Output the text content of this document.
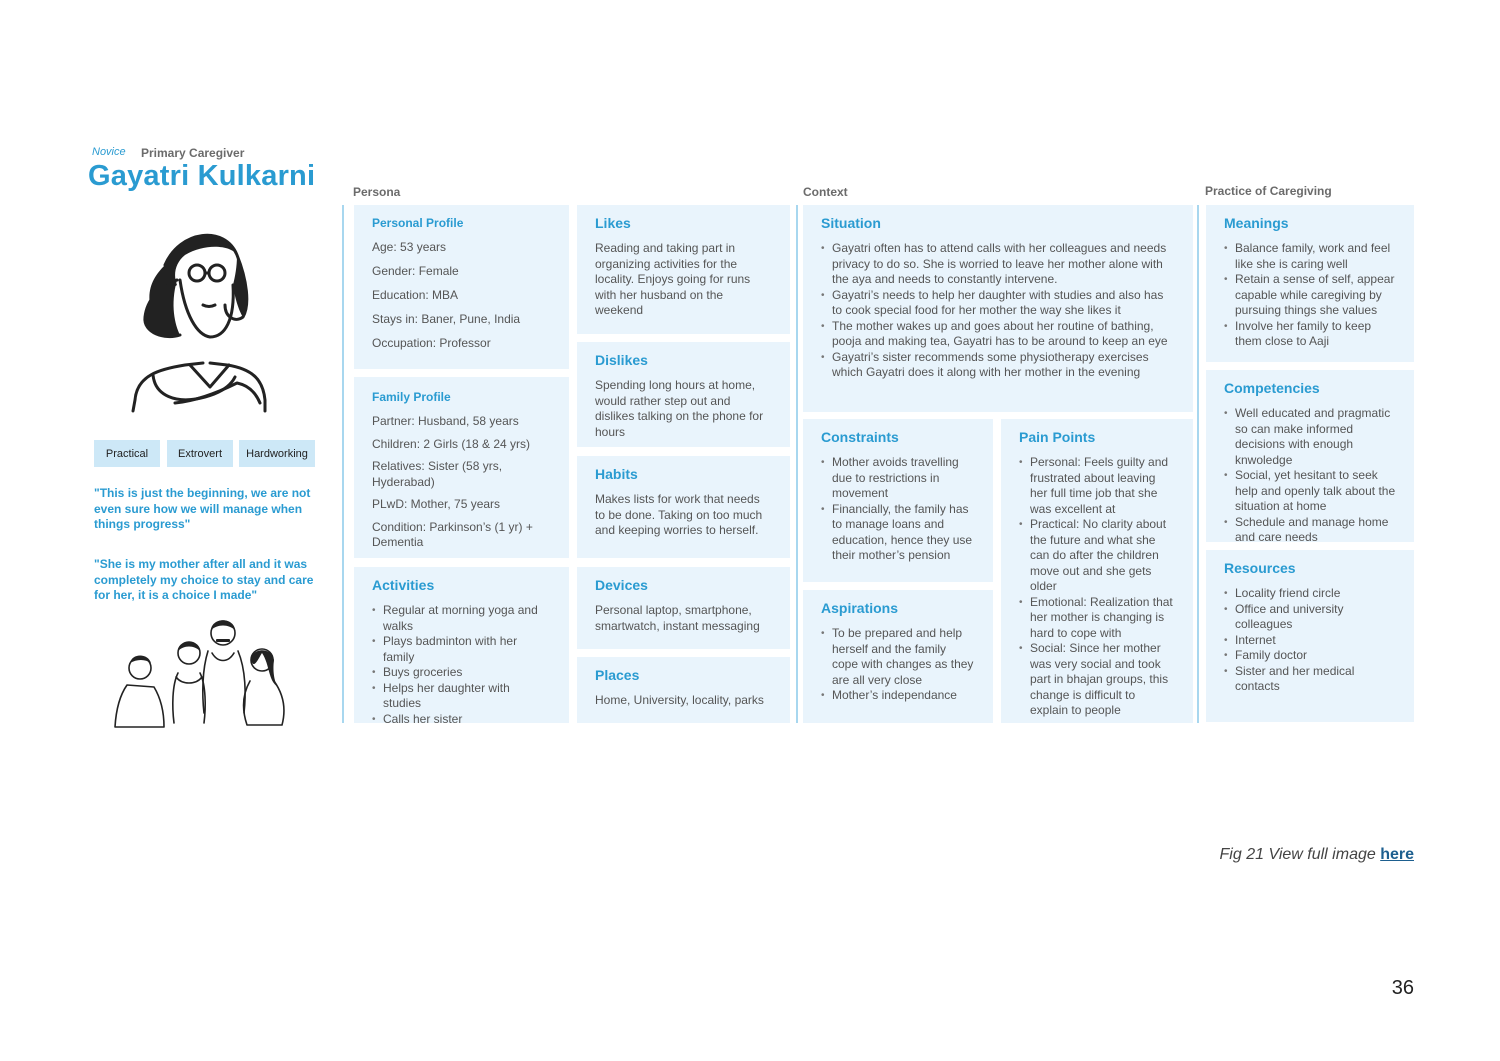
Novice Primary Caregiver
Gayatri Kulkarni
Practical	Extrovert	Hardworking
"This is just the beginning, we are not even sure how we will manage when things progress"
"She is my mother after all and it was completely my choice to stay and care for her, it is a choice I made"
Persona	Context	Practice of Caregiving
Personal Profile
Age: 53 years
Gender: Female
Education: MBA
Stays in: Baner, Pune, India
Occupation: Professor
Family Profile
Partner: Husband, 58 years
Children: 2 Girls (18 & 24 yrs)
Relatives: Sister (58 yrs, Hyderabad)
PLwD: Mother, 75 years
Condition: Parkinson’s (1 yr) + Dementia
Activities
• Regular at morning yoga and walks
• Plays badminton with her family
• Buys groceries
• Helps her daughter with studies
• Calls her sister
Likes

Reading and taking part in organizing activities for the locality. Enjoys going for runs with her husband on the weekend

Dislikes

Spending long hours at home, would rather step out and dislikes talking on the phone for hours

Habits

Makes lists for work that needs to be done. Taking on too much and keeping worries to herself.

Devices

Personal laptop, smartphone, smartwatch, instant messaging

Places

Home, University, locality, parks

Situation
• Gayatri often has to attend calls with her colleagues and needs privacy to do so. She is worried to leave her mother alone with the aya and needs to constantly intervene.
• Gayatri’s needs to help her daughter with studies and also has to cook special food for her mother the way she likes it
• The mother wakes up and goes about her routine of bathing, pooja and making tea, Gayatri has to be around to keep an eye
• Gayatri’s sister recommends some physiotherapy exercises which Gayatri does it along with her mother in the evening
Constraints
• Mother avoids travelling due to restrictions in movement
• Financially, the family has to manage loans and education, hence they use their mother’s pension
Aspirations
• To be prepared and help herself and the family cope with changes as they are all very close
• Mother’s independance
Pain Points
• Personal: Feels guilty and frustrated about leaving her full time job that she was excellent at
• Practical: No clarity about the future and what she can do after the children move out and she gets older
• Emotional: Realization that her mother is changing is hard to cope with
• Social: Since her mother was very social and took part in bhajan groups, this change is difficult to explain to people
Meanings
• Balance family, work and feel like she is caring well
• Retain a sense of self, appear capable while caregiving by pursuing things she values
• Involve her family to keep them close to Aaji
Competencies
• Well educated and pragmatic so can make informed decisions with enough knwoledge
• Social, yet hesitant to seek help and openly talk about the situation at home
• Schedule and manage home and care needs
Resources
• Locality friend circle
• Office and university colleagues
• Internet
• Family doctor
• Sister and her medical contacts
Fig 21 View full image here
36
